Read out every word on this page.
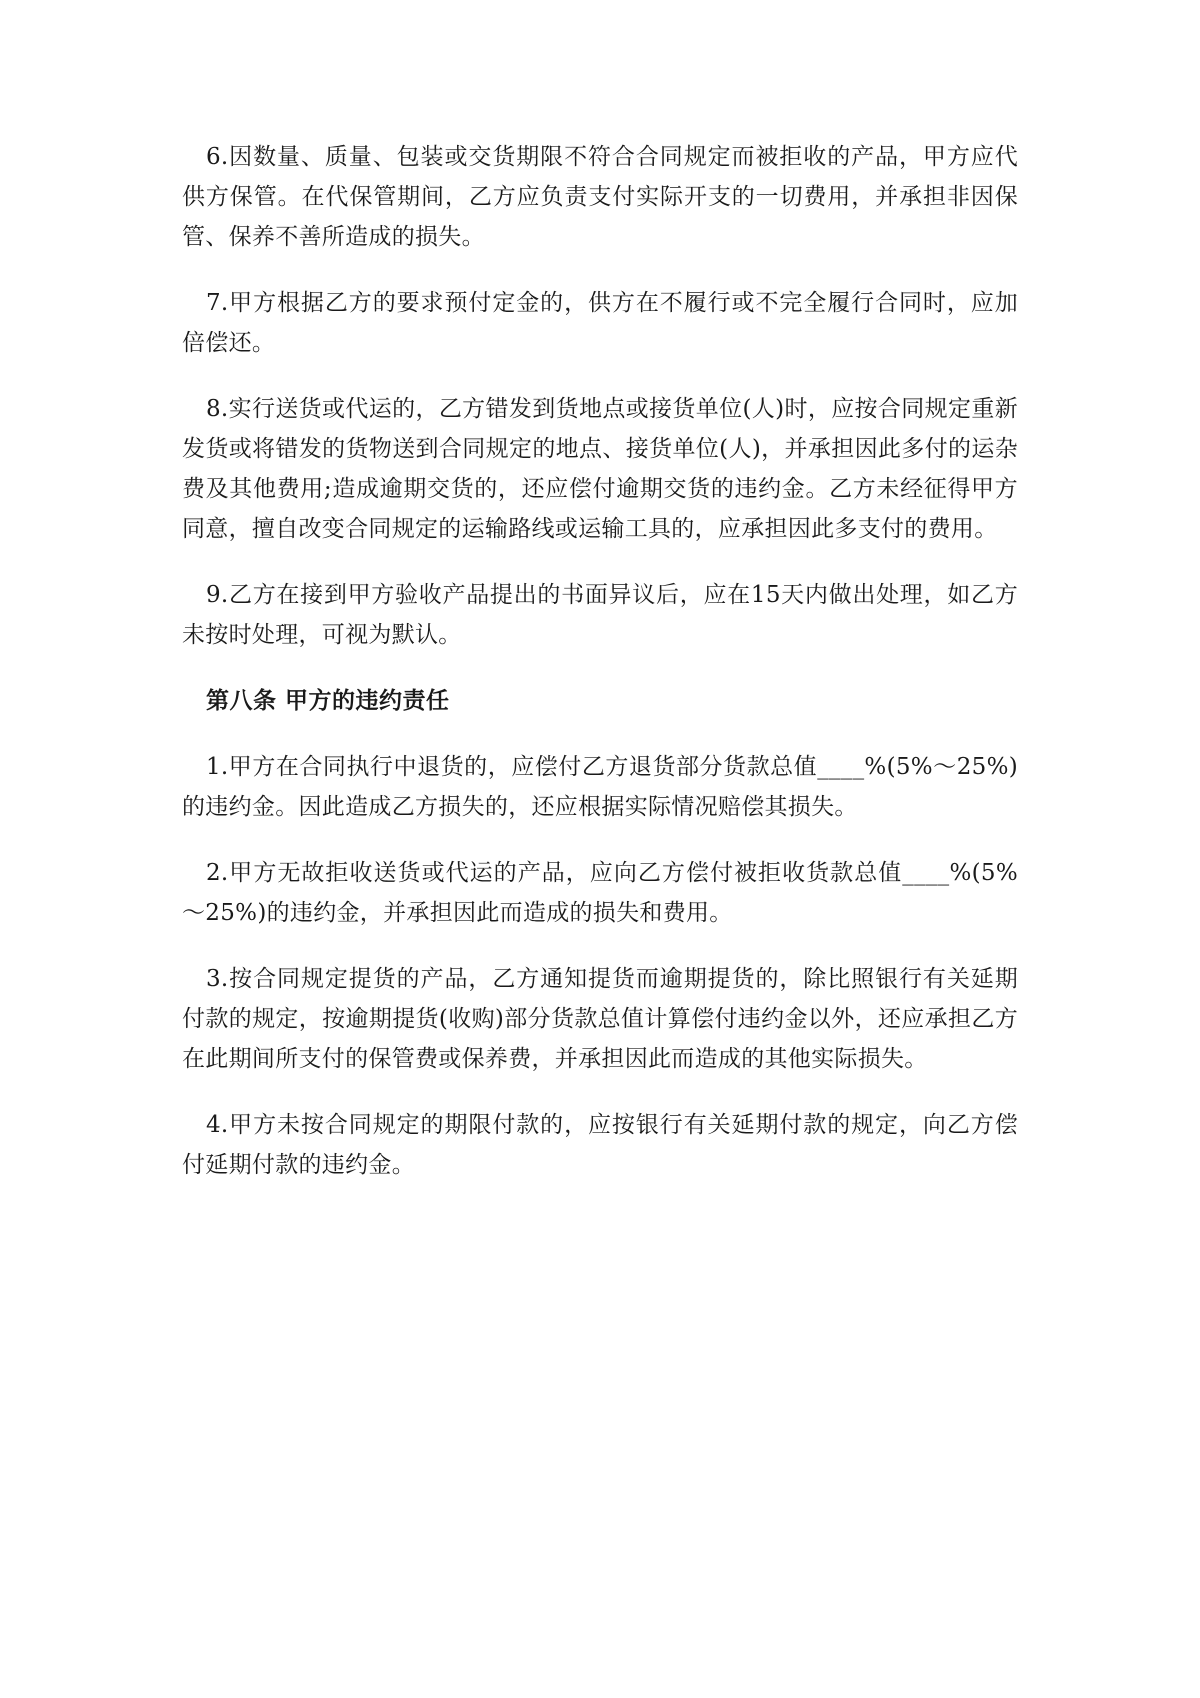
6.因数量、质量、包装或交货期限不符合合同规定而被拒收的产品，甲方应代供方保管。在代保管期间，乙方应负责支付实际开支的一切费用，并承担非因保管、保养不善所造成的损失。

7.甲方根据乙方的要求预付定金的，供方在不履行或不完全履行合同时，应加倍偿还。

8.实行送货或代运的，乙方错发到货地点或接货单位(人)时，应按合同规定重新发货或将错发的货物送到合同规定的地点、接货单位(人)，并承担因此多付的运杂费及其他费用;造成逾期交货的，还应偿付逾期交货的违约金。乙方未经征得甲方同意，擅自改变合同规定的运输路线或运输工具的，应承担因此多支付的费用。

9.乙方在接到甲方验收产品提出的书面异议后，应在15天内做出处理，如乙方未按时处理，可视为默认。

第八条 甲方的违约责任

1.甲方在合同执行中退货的，应偿付乙方退货部分货款总值____%(5%～25%)的违约金。因此造成乙方损失的，还应根据实际情况赔偿其损失。

2.甲方无故拒收送货或代运的产品，应向乙方偿付被拒收货款总值____%(5%～25%)的违约金，并承担因此而造成的损失和费用。

3.按合同规定提货的产品，乙方通知提货而逾期提货的，除比照银行有关延期付款的规定，按逾期提货(收购)部分货款总值计算偿付违约金以外，还应承担乙方在此期间所支付的保管费或保养费，并承担因此而造成的其他实际损失。

4.甲方未按合同规定的期限付款的，应按银行有关延期付款的规定，向乙方偿付延期付款的违约金。
